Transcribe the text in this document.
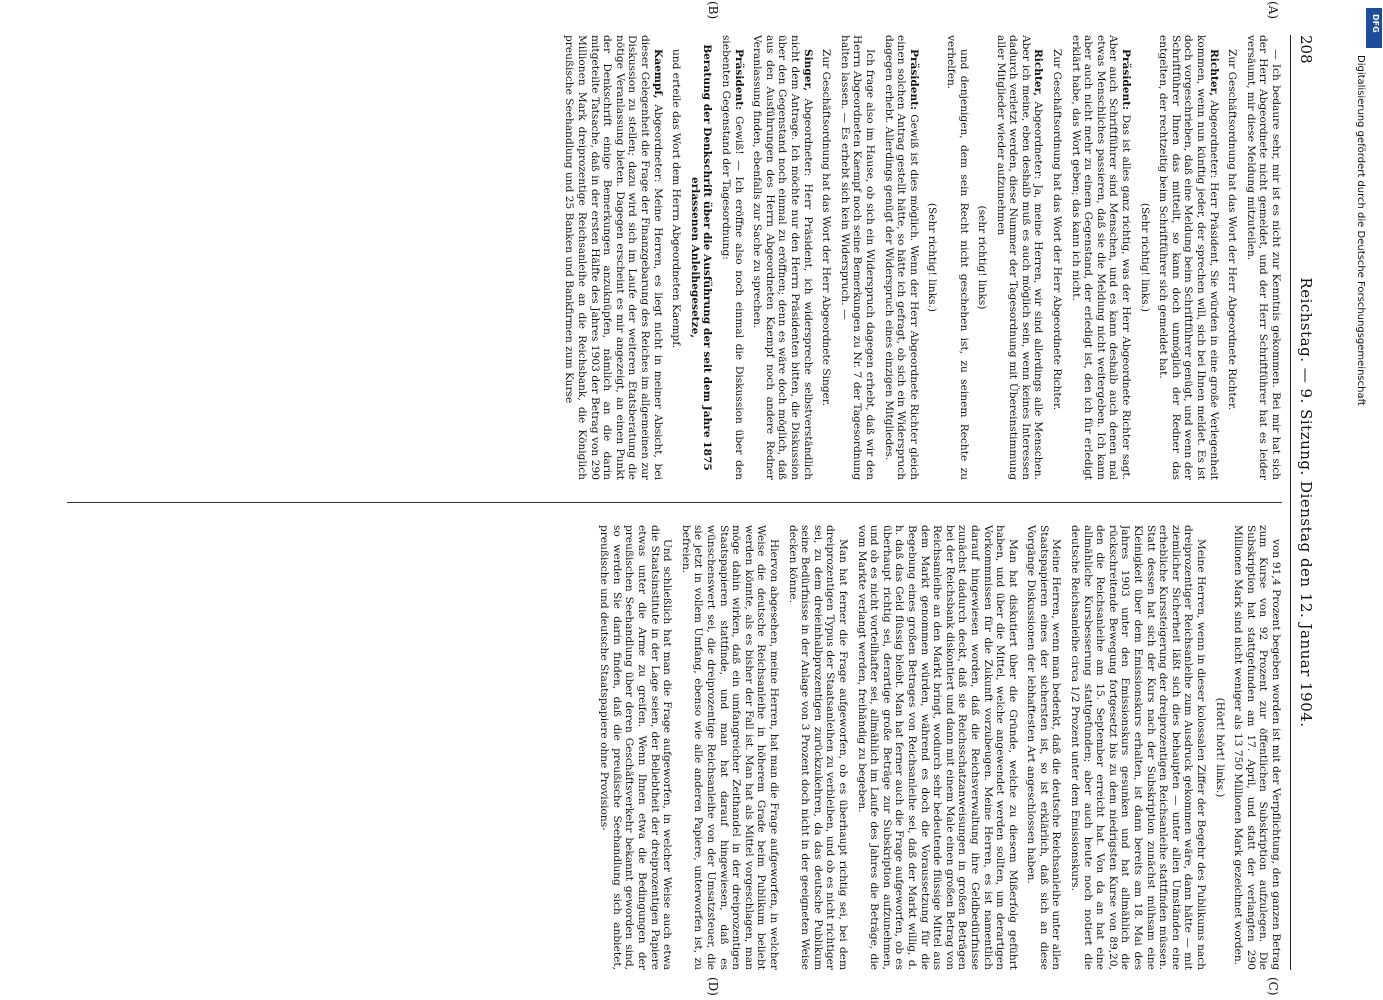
208
Reichstag. — 9. Sitzung. Dienstag den 12. Januar 1904.
(A)
(B)
(C)
(D)

— Ich bedaure sehr, mir ist es nicht zur Kenntnis gekommen. Bei mir hat sich der Herr Abgeordnete nicht gemeldet, und der Herr Schriftführer hat es leider versäumt, mir diese Meldung mitzuteilen.

Zur Geschäftsordnung hat das Wort der Herr Abgeordnete Richter.

Richter, Abgeordneter: Herr Präsident, Sie würden in eine große Verlegenheit kommen, wenn nun künftig jeder, der sprechen will, sich bei Ihnen meldet. Es ist doch vorgeschrieben, daß eine Meldung beim Schriftführer genügt, und wenn der Schriftführer Ihnen das mitteilt, so kann doch unmöglich der Redner das entgelten, der rechtzeitig beim Schriftführer sich gemeldet hat.

(Sehr richtig! links.)

Präsident: Das ist alles ganz richtig, was der Herr Abgeordnete Richter sagt. Aber auch Schriftführer sind Menschen, und es kann deshalb auch denen mal etwas Menschliches passieren, daß sie die Meldung nicht weitergeben. Ich kann aber auch nicht mehr zu einem Gegenstand, der erledigt ist, den ich für erledigt erklärt habe, das Wort geben; das kann ich nicht.

Zur Geschäftsordnung hat das Wort der Herr Abgeordnete Richter.

Richter, Abgeordneter: Ja, meine Herren, wir sind allerdings alle Menschen. Aber ich meine, eben deshalb muß es auch möglich sein, wenn keines Interessen dadurch verletzt werden, diese Nummer der Tagesordnung mit Übereinstimmung aller Mitglieder wieder aufzunehmen

(sehr richtig! links)

und denjenigen, dem sein Recht nicht geschehen ist, zu seinem Rechte zu verhelfen.

(Sehr richtig! links.)

Präsident: Gewiß ist dies möglich. Wenn der Herr Abgeordnete Richter gleich einen solchen Antrag gestellt hätte, so hätte ich gefragt, ob sich ein Widerspruch dagegen erhebt. Allerdings genügt der Widerspruch eines einzigen Mitgliedes.

Ich frage also im Hause, ob sich ein Widerspruch dagegen erhebt, daß wir den Herrn Abgeordneten Kaempf noch seine Bemerkungen zu Nr. 7 der Tagesordnung halten lassen. — Es erhebt sich kein Widerspruch. —

Zur Geschäftsordnung hat das Wort der Herr Abgeordnete Singer.

Singer, Abgeordneter: Herr Präsident, ich widerspreche selbstverständlich nicht dem Antrage. Ich möchte nur den Herrn Präsidenten bitten, die Diskussion über den Gegenstand noch einmal zu eröffnen; denn es wäre doch möglich, daß aus den Ausführungen des Herrn Abgeordneten Kaempf noch andere Redner Veranlassung finden, ebenfalls zur Sache zu sprechen.

Präsident: Gewiß! — Ich eröffne also noch einmal die Diskussion über den siebenten Gegenstand der Tagesordnung:

Beratung der Denkschrift über die Ausführung der seit dem Jahre 1875 erlassenen Anleihegesetze,

und erteile das Wort dem Herrn Abgeordneten Kaempf.

Kaempf, Abgeordneter: Meine Herren, es liegt nicht in meiner Absicht, bei dieser Gelegenheit die Frage der Finanzgebarung des Reiches im allgemeinen zur Diskussion zu stellen; dazu wird sich im Laufe der weiteren Etatsberatung die nötige Veranlassung bieten. Dagegen erscheint es mir angezeigt, an einen Punkt der Denkschrift einige Bemerkungen anzuknüpfen, nämlich an die darin mitgeteilte Tatsache, daß in der ersten Hälfte des Jahres 1903 der Betrag von 290 Millionen Mark dreiprozentige Reichsanleihe an die Reichsbank, die Königlich preußische Seehandlung und 25 Banken und Bankfirmen zum Kurse

von 91,4 Prozent begeben worden ist mit der Verpflichtung, den ganzen Betrag zum Kurse von 92 Prozent zur öffentlichen Subskription aufzulegen. Die Subskription hat stattgefunden am 17. April, und statt der verlangten 290 Millionen Mark sind nicht weniger als 13 750 Millionen Mark gezeichnet worden.

(Hört! hört! links.)

Meine Herren, wenn in dieser kolossalen Ziffer der Begehr des Publikums nach dreiprozentiger Reichsanleihe zum Ausdruck gekommen wäre, dann hätte — mit ziemlicher Sicherheit läßt sich dies behaupten — unter allen Umständen eine erhebliche Kurssteigerung der dreiprozentigen Reichsanleihe stattfinden müssen. Statt dessen hat sich der Kurs nach der Subskription zunächst mühsam eine Kleinigkeit über dem Emissionskurs erhalten, ist dann bereits am 18. Mai des Jahres 1903 unter den Emissionskurs gesunken und hat allmählich die rückschreitende Bewegung fortgesetzt bis zu dem niedrigsten Kurse von 89,20, den die Reichsanleihe am 15. September erreicht hat. Von da an hat eine allmähliche Kursbesserung stattgefunden; aber auch heute noch notiert die deutsche Reichsanleihe circa 1/2 Prozent unter dem Emissionskurs.

Meine Herren, wenn man bedenkt, daß die deutsche Reichsanleihe unter allen Staatspapieren eines der sichersten ist, so ist erklärlich, daß sich an diese Vorgänge Diskussionen der lebhaftesten Art angeschlossen haben.

Man hat diskutiert über die Gründe, welche zu diesem Mißerfolg geführt haben, und über die Mittel, welche angewendet werden sollten, um derartigen Vorkommnissen für die Zukunft vorzubeugen. Meine Herren, es ist namentlich darauf hingewiesen worden, daß die Reichsverwaltung ihre Geldbedürfnisse zunächst dadurch deckt, daß sie Reichsschatzanweisungen in großen Beträgen bei der Reichsbank diskontiert und dann mit einem Male einen großen Betrag von Reichsanleihe an den Markt bringt, wodurch sehr bedeutende flüssige Mittel aus dem Markt genommen würden, während es doch die Voraussetzung für die Begebung eines großen Betrages von Reichsanleihe sei, daß der Markt willig, d. h. daß das Geld flüssig bleibt. Man hat ferner auch die Frage aufgeworfen, ob es überhaupt richtig sei, derartige große Beträge zur Subskription aufzunehmen, und ob es nicht vorteilhafter sei, allmählich im Laufe des Jahres die Beträge, die vom Markte verlangt werden, freihändig zu begeben.

Man hat ferner die Frage aufgeworfen, ob es überhaupt richtig sei, bei dem dreiprozentigen Typus der Staatsanleihen zu verbleiben, und ob es nicht richtiger sei, zu dem dreieinhalbprozentigen zurückzukehren, da das deutsche Publikum seine Bedürfnisse in der Anlage von 3 Prozent doch nicht in der geeigneten Weise decken könne.

Hiervon abgesehen, meine Herren, hat man die Frage aufgeworfen, in welcher Weise die deutsche Reichsanleihe in höherem Grade beim Publikum beliebt werden könnte, als es bisher der Fall ist. Man hat als Mittel vorgeschlagen, man möge dahin wirken, daß ein umfangreicher Zeithandel in der dreiprozentigen Staatspapieren stattfinde, und man hat darauf hingewiesen, daß es wünschenswert sei, die dreiprozentige Reichsanleihe von der Umsatzsteuer, die sie jetzt in vollem Umfang, ebenso wie alle anderen Papiere, unterworfen ist, zu befreien.

Und schließlich hat man die Frage aufgeworfen, in welcher Weise auch etwa die Staatsinstitute in der Lage seien, der Beliebtheit der dreiprozentigen Papiere etwas unter die Arme zu greifen. Wenn Ihnen etwa die Bedingungen der preußischen Seehandlung über deren Geschäftsverkehr bekannt geworden sind, so werden Sie darin finden, daß die preußische Seehandlung sich anbietet, preußische und deutsche Staatspapiere ohne Provisions-

DFG
Digitalisierung gefördert durch die Deutsche Forschungsgemeinschaft
